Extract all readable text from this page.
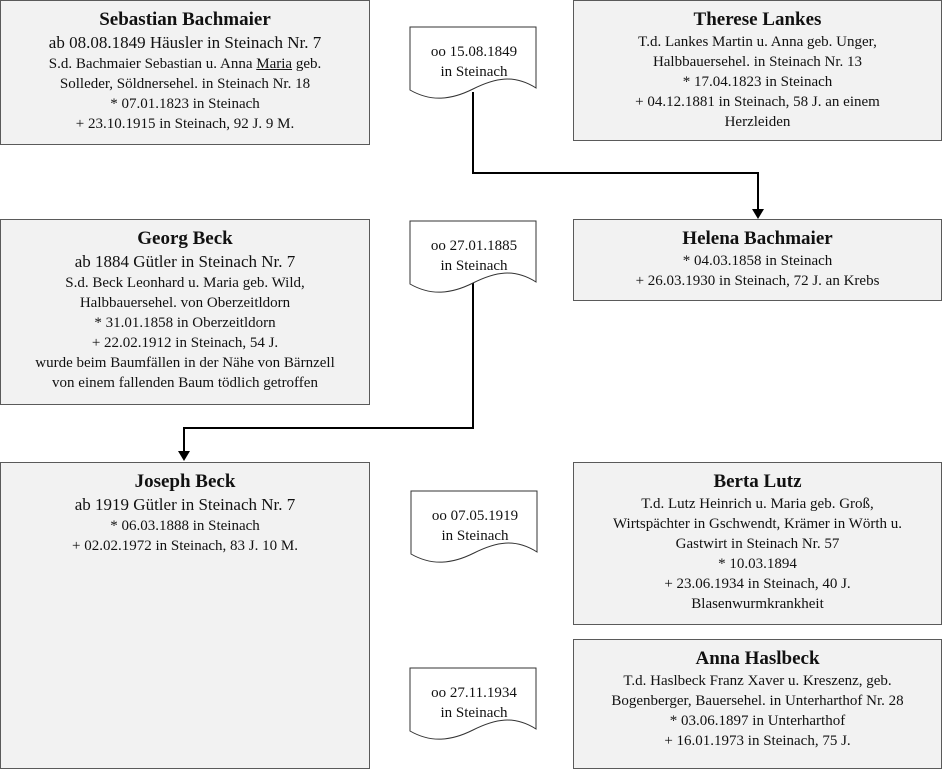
Sebastian Bachmaier
ab 08.08.1849 Häusler in Steinach Nr. 7
S.d. Bachmaier Sebastian u. Anna Maria geb.
Solleder, Söldnersehel. in Steinach Nr. 18
* 07.01.1823 in Steinach
+ 23.10.1915 in Steinach, 92 J. 9 M.
Therese Lankes
T.d. Lankes Martin u. Anna geb. Unger,
Halbbauersehel. in Steinach Nr. 13
* 17.04.1823 in Steinach
+ 04.12.1881 in Steinach, 58 J. an einem
Herzleiden
Georg Beck
ab 1884 Gütler in Steinach Nr. 7
S.d. Beck Leonhard u. Maria geb. Wild,
Halbbauersehel. von Oberzeitldorn
* 31.01.1858 in Oberzeitldorn
+ 22.02.1912 in Steinach, 54 J.
wurde beim Baumfällen in der Nähe von Bärnzell
von einem fallenden Baum tödlich getroffen
Helena Bachmaier
* 04.03.1858 in Steinach
+ 26.03.1930 in Steinach, 72 J. an Krebs
Joseph Beck
ab 1919 Gütler in Steinach Nr. 7
* 06.03.1888 in Steinach
+ 02.02.1972 in Steinach, 83 J. 10 M.
Berta Lutz
T.d. Lutz Heinrich u. Maria geb. Groß,
Wirtspächter in Gschwendt, Krämer in Wörth u.
Gastwirt in Steinach Nr. 57
* 10.03.1894
+ 23.06.1934 in Steinach, 40 J.
Blasenwurmkrankheit
Anna Haslbeck
T.d. Haslbeck Franz Xaver u. Kreszenz, geb.
Bogenberger, Bauersehel. in Unterharthof Nr. 28
* 03.06.1897 in Unterharthof
+ 16.01.1973 in Steinach, 75 J.
oo 15.08.1849
in Steinach
oo 27.01.1885
in Steinach
oo 07.05.1919
in Steinach
oo 27.11.1934
in Steinach
